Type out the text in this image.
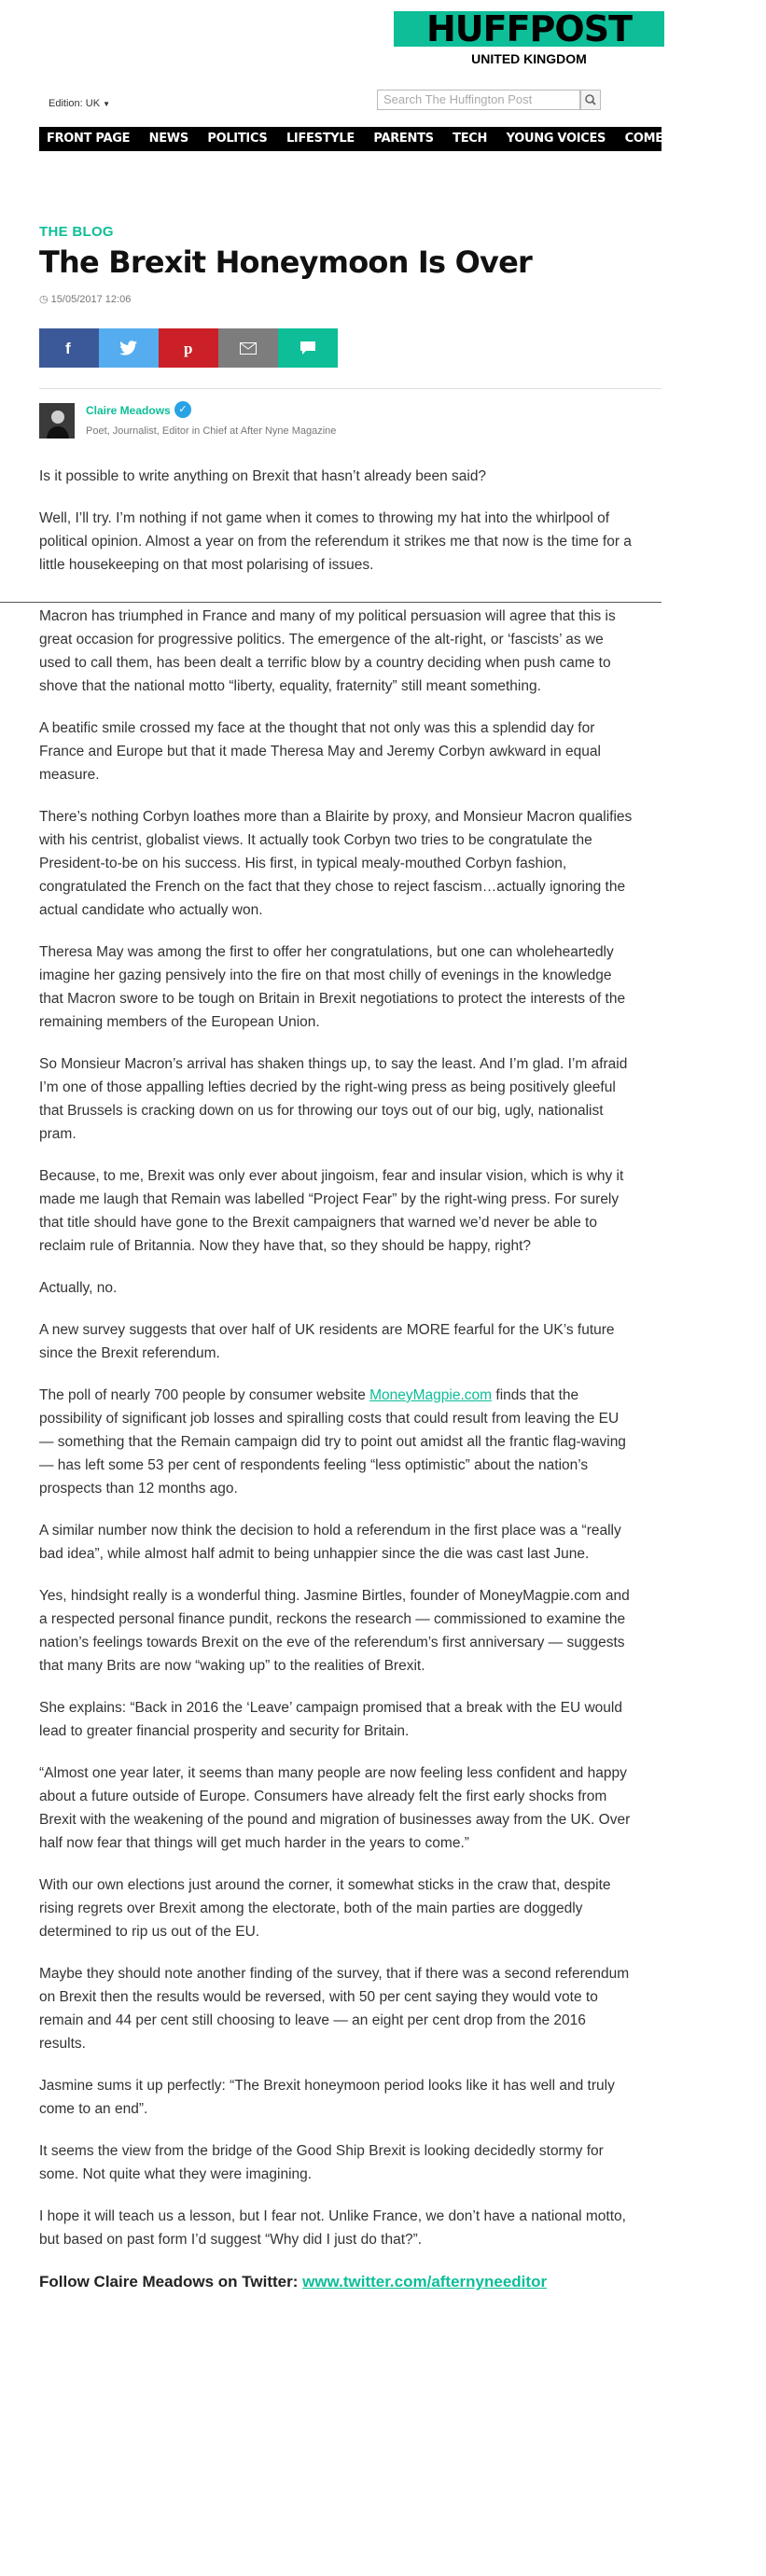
HUFFPOST
UNITED KINGDOM
Edition: UK ▼	Search The Huffington Post
FRONT PAGE NEWS POLITICS LIFESTYLE PARENTS TECH YOUNG VOICES COMEDY ENTERTA
THE BLOG
The Brexit Honeymoon Is Over
◷ 15/05/2017 12:06
f	p
Claire Meadows ✓
Poet, Journalist, Editor in Chief at After Nyne Magazine

Is it possible to write anything on Brexit that hasn’t already been said?

Well, I’ll try. I’m nothing if not game when it comes to throwing my hat into the whirlpool of political opinion. Almost a year on from the referendum it strikes me that now is the time for a little housekeeping on that most polarising of issues.

Macron has triumphed in France and many of my political persuasion will agree that this is great occasion for progressive politics. The emergence of the alt-right, or ‘fascists’ as we used to call them, has been dealt a terrific blow by a country deciding when push came to shove that the national motto “liberty, equality, fraternity” still meant something.

A beatific smile crossed my face at the thought that not only was this a splendid day for France and Europe but that it made Theresa May and Jeremy Corbyn awkward in equal measure.

There’s nothing Corbyn loathes more than a Blairite by proxy, and Monsieur Macron qualifies with his centrist, globalist views. It actually took Corbyn two tries to be congratulate the President-to-be on his success. His first, in typical mealy-mouthed Corbyn fashion, congratulated the French on the fact that they chose to reject fascism…actually ignoring the actual candidate who actually won.

Theresa May was among the first to offer her congratulations, but one can wholeheartedly imagine her gazing pensively into the fire on that most chilly of evenings in the knowledge that Macron swore to be tough on Britain in Brexit negotiations to protect the interests of the remaining members of the European Union.

So Monsieur Macron’s arrival has shaken things up, to say the least. And I’m glad. I’m afraid I’m one of those appalling lefties decried by the right-wing press as being positively gleeful that Brussels is cracking down on us for throwing our toys out of our big, ugly, nationalist pram.

Because, to me, Brexit was only ever about jingoism, fear and insular vision, which is why it made me laugh that Remain was labelled “Project Fear” by the right-wing press. For surely that title should have gone to the Brexit campaigners that warned we’d never be able to reclaim rule of Britannia. Now they have that, so they should be happy, right?

Actually, no.

A new survey suggests that over half of UK residents are MORE fearful for the UK’s future since the Brexit referendum.

The poll of nearly 700 people by consumer website MoneyMagpie.com finds that the possibility of significant job losses and spiralling costs that could result from leaving the EU — something that the Remain campaign did try to point out amidst all the frantic flag-waving — has left some 53 per cent of respondents feeling “less optimistic” about the nation’s prospects than 12 months ago.

A similar number now think the decision to hold a referendum in the first place was a “really bad idea”, while almost half admit to being unhappier since the die was cast last June.

Yes, hindsight really is a wonderful thing. Jasmine Birtles, founder of MoneyMagpie.com and a respected personal finance pundit, reckons the research — commissioned to examine the nation’s feelings towards Brexit on the eve of the referendum’s first anniversary — suggests that many Brits are now “waking up” to the realities of Brexit.

She explains: “Back in 2016 the ‘Leave’ campaign promised that a break with the EU would lead to greater financial prosperity and security for Britain.

“Almost one year later, it seems than many people are now feeling less confident and happy about a future outside of Europe. Consumers have already felt the first early shocks from Brexit with the weakening of the pound and migration of businesses away from the UK. Over half now fear that things will get much harder in the years to come.”

With our own elections just around the corner, it somewhat sticks in the craw that, despite rising regrets over Brexit among the electorate, both of the main parties are doggedly determined to rip us out of the EU.

Maybe they should note another finding of the survey, that if there was a second referendum on Brexit then the results would be reversed, with 50 per cent saying they would vote to remain and 44 per cent still choosing to leave — an eight per cent drop from the 2016 results.

Jasmine sums it up perfectly: “The Brexit honeymoon period looks like it has well and truly come to an end”.

It seems the view from the bridge of the Good Ship Brexit is looking decidedly stormy for some. Not quite what they were imagining.

I hope it will teach us a lesson, but I fear not. Unlike France, we don’t have a national motto, but based on past form I’d suggest “Why did I just do that?”.

Follow Claire Meadows on Twitter: www.twitter.com/afternyneeditor
